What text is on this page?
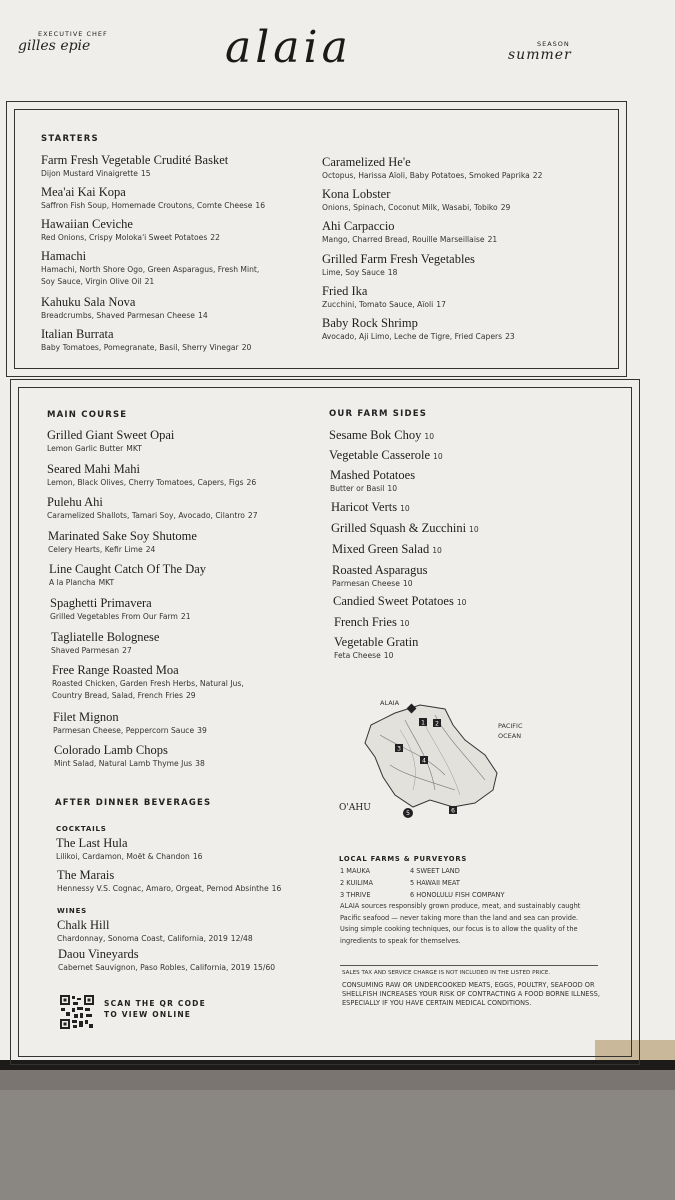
EXECUTIVE CHEF
gilles epie	alaia	SEASON
summer
STARTERS
Farm Fresh Vegetable Crudité Basket
Dijon Mustard Vinaigrette 15
Mea'ai Kai Kopa
Saffron Fish Soup, Homemade Croutons, Comte Cheese 16
Hawaiian Ceviche
Red Onions, Crispy Moloka'i Sweet Potatoes 22
Hamachi
Hamachi, North Shore Ogo, Green Asparagus, Fresh Mint,
Soy Sauce, Virgin Olive Oil 21
Kahuku Sala Nova
Breadcrumbs, Shaved Parmesan Cheese 14
Italian Burrata
Baby Tomatoes, Pomegranate, Basil, Sherry Vinegar 20
Caramelized He'e
Octopus, Harissa Aïoli, Baby Potatoes, Smoked Paprika 22
Kona Lobster
Onions, Spinach, Coconut Milk, Wasabi, Tobiko 29
Ahi Carpaccio
Mango, Charred Bread, Rouille Marseillaise 21
Grilled Farm Fresh Vegetables
Lime, Soy Sauce 18
Fried Ika
Zucchini, Tomato Sauce, Aïoli 17
Baby Rock Shrimp
Avocado, Aji Limo, Leche de Tigre, Fried Capers 23
MAIN COURSE
Grilled Giant Sweet Opai
Lemon Garlic Butter MKT
Seared Mahi Mahi
Lemon, Black Olives, Cherry Tomatoes, Capers, Figs 26
Pulehu Ahi
Caramelized Shallots, Tamari Soy, Avocado, Cilantro 27
Marinated Sake Soy Shutome
Celery Hearts, Kefir Lime 24
Line Caught Catch Of The Day
A la Plancha MKT
Spaghetti Primavera
Grilled Vegetables From Our Farm 21
Tagliatelle Bolognese
Shaved Parmesan 27
Free Range Roasted Moa
Roasted Chicken, Garden Fresh Herbs, Natural Jus,
Country Bread, Salad, French Fries 29
Filet Mignon
Parmesan Cheese, Peppercorn Sauce 39
Colorado Lamb Chops
Mint Salad, Natural Lamb Thyme Jus 38
OUR FARM SIDES
Sesame Bok Choy 10
Vegetable Casserole 10
Mashed Potatoes
Butter or Basil 10
Haricot Verts 10
Grilled Squash & Zucchini 10
Mixed Green Salad 10
Roasted Asparagus
Parmesan Cheese 10
Candied Sweet Potatoes 10
French Fries 10
Vegetable Gratin
Feta Cheese 10
AFTER DINNER BEVERAGES
COCKTAILS
The Last Hula
Lilikoi, Cardamon, Moët & Chandon 16
The Marais
Hennessy V.S. Cognac, Amaro, Orgeat, Pernod Absinthe 16
WINES
Chalk Hill
Chardonnay, Sonoma Coast, California, 2019 12/48
Daou Vineyards
Cabernet Sauvignon, Paso Robles, California, 2019 15/60
SCAN THE QR CODE
TO VIEW ONLINE
1 2
3
4
5	6
ALAIA
PACIFIC
OCEAN
O'AHU
LOCAL FARMS & PURVEYORS
1 MAUKA
2 KUILIMA
3 THRIVE
4 SWEET LAND
5 HAWAII MEAT
6 HONOLULU FISH COMPANY
ALAIA sources responsibly grown produce, meat, and sustainably caught
Pacific seafood — never taking more than the land and sea can provide.
Using simple cooking techniques, our focus is to allow the quality of the
ingredients to speak for themselves.
SALES TAX AND SERVICE CHARGE IS NOT INCLUDED IN THE LISTED PRICE.
CONSUMING RAW OR UNDERCOOKED MEATS, EGGS, POULTRY, SEAFOOD OR
SHELLFISH INCREASES YOUR RISK OF CONTRACTING A FOOD BORNE ILLNESS,
ESPECIALLY IF YOU HAVE CERTAIN MEDICAL CONDITIONS.
